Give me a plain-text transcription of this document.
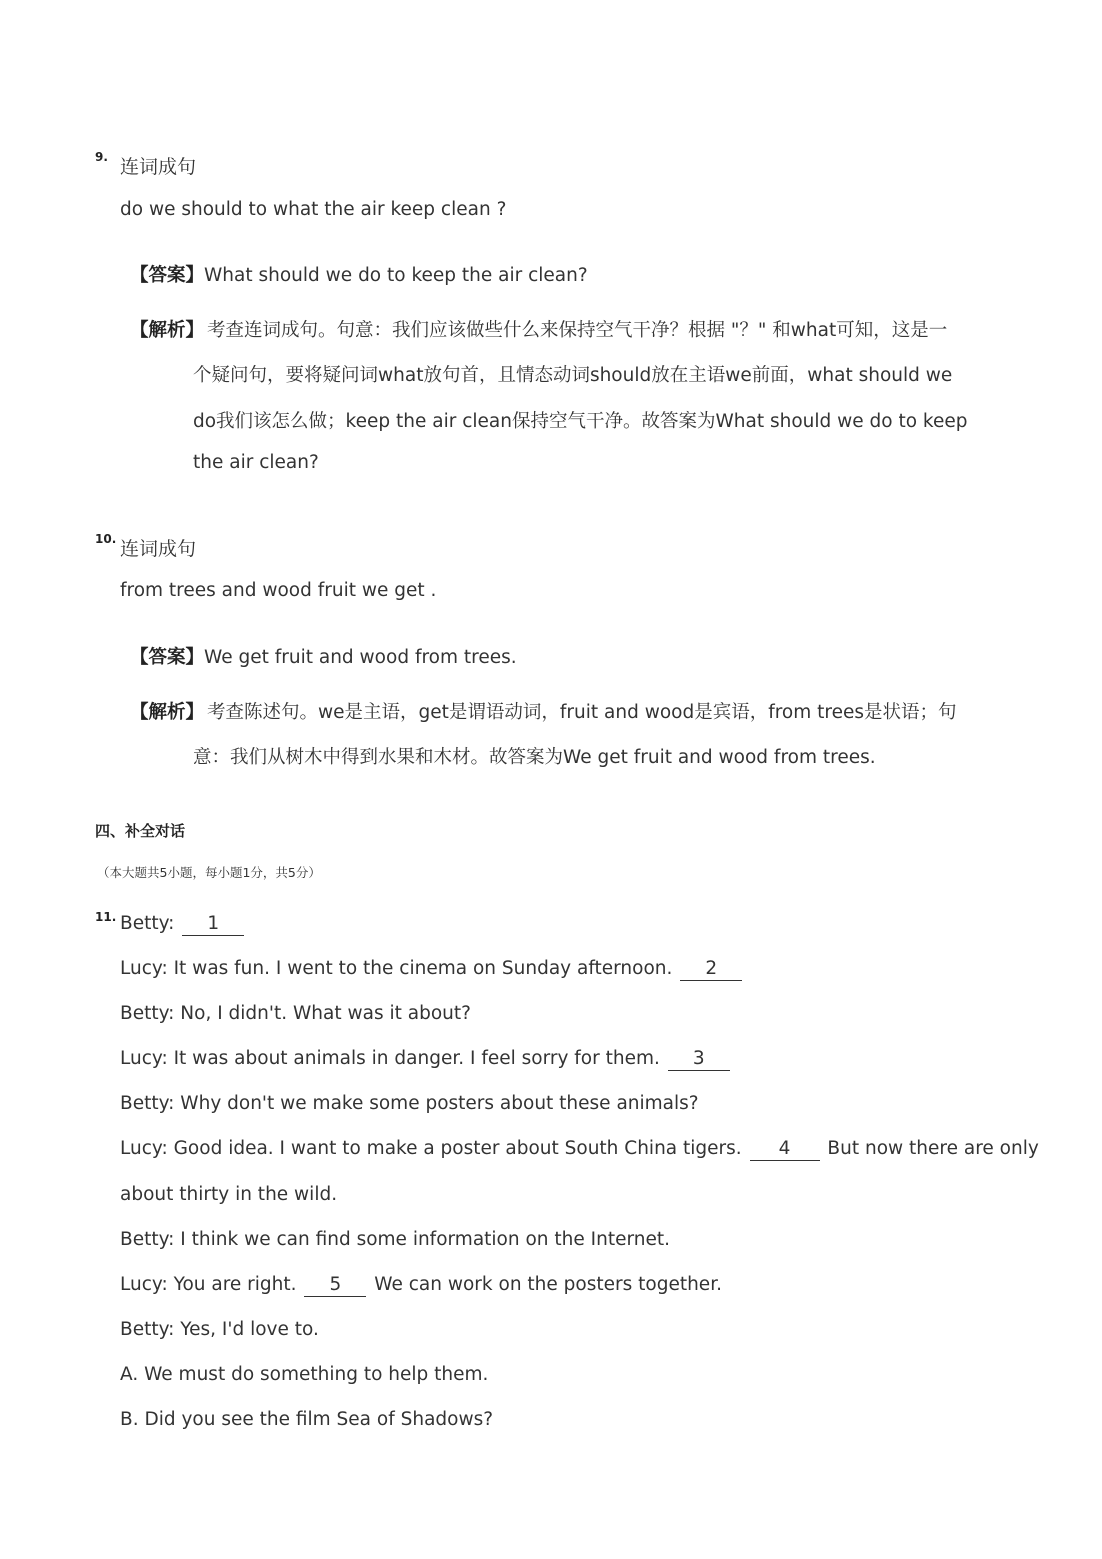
9. 连词成句
do we should to what the air keep clean ?
【答案】What should we do to keep the air clean?
【解析】 考查连词成句。句意：我们应该做些什么来保持空气干净？根据 "？" 和what可知，这是一
个疑问句，要将疑问词what放句首，且情态动词should放在主语we前面，what should we
do我们该怎么做；keep the air clean保持空气干净。故答案为What should we do to keep
the air clean?
10. 连词成句
from trees and wood fruit we get .
【答案】We get fruit and wood from trees.
【解析】 考查陈述句。we是主语，get是谓语动词，fruit and wood是宾语，from trees是状语；句
意：我们从树木中得到水果和木材。故答案为We get fruit and wood from trees.
四、补全对话
（本大题共5小题，每小题1分，共5分）
11. Betty: 1
Lucy: It was fun. I went to the cinema on Sunday afternoon. 2
Betty: No, I didn't. What was it about?
Lucy: It was about animals in danger. I feel sorry for them. 3
Betty: Why don't we make some posters about these animals?
Lucy: Good idea. I want to make a poster about South China tigers. 4 But now there are only
about thirty in the wild.
Betty: I think we can find some information on the Internet.
Lucy: You are right. 5 We can work on the posters together.
Betty: Yes, I'd love to.
A. We must do something to help them.
B. Did you see the film Sea of Shadows?
